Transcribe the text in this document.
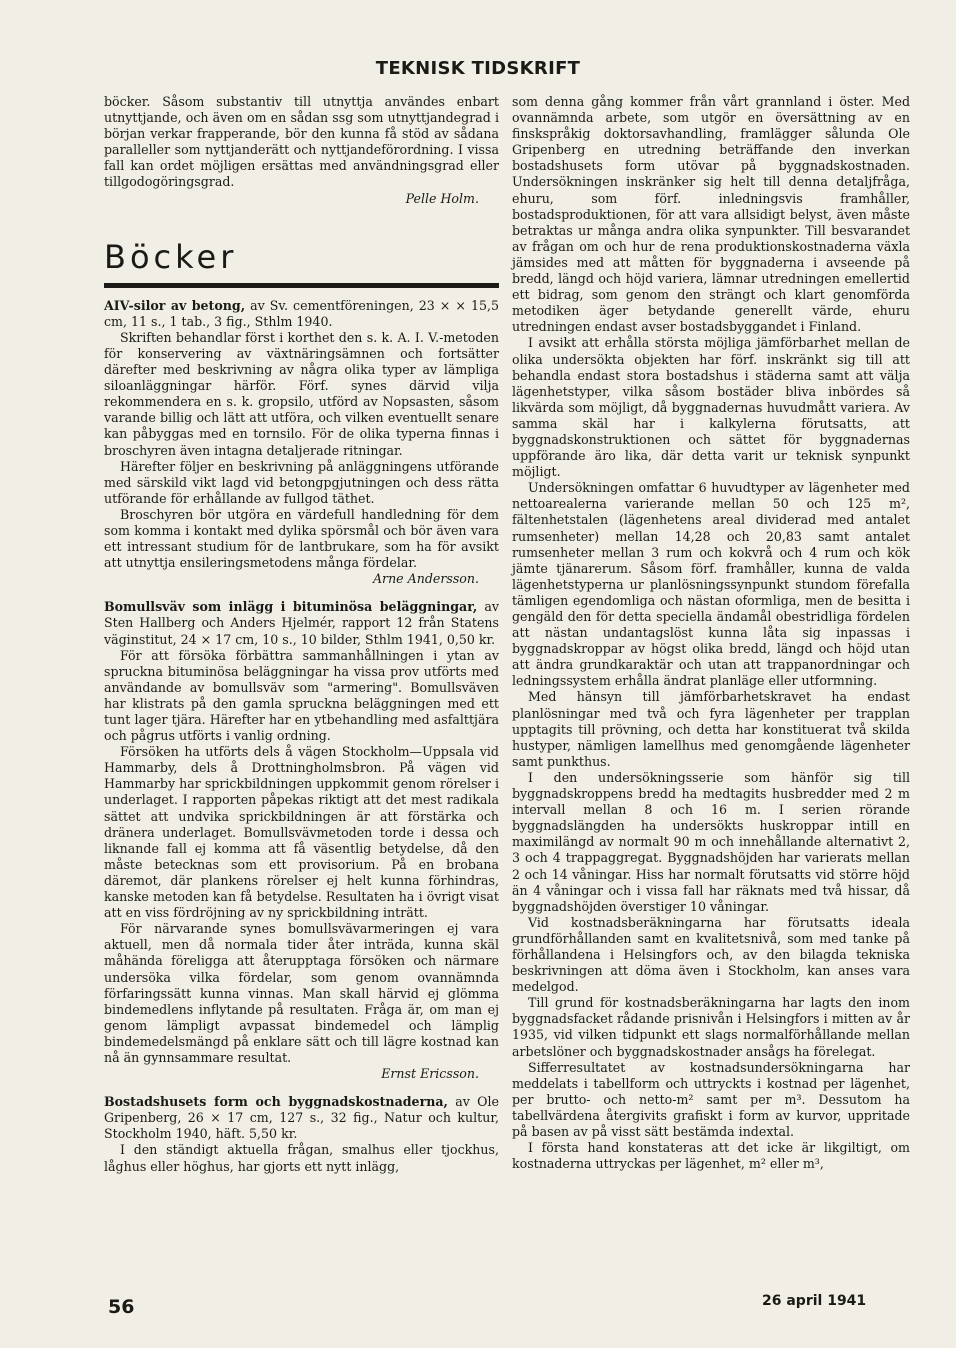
TEKNISK TIDSKRIFT

böcker. Såsom substantiv till utnyttja användes enbart utnyttjande, och även om en sådan ssg som utnyttjandegrad i början verkar frapperande, bör den kunna få stöd av sådana paralleller som nyttjanderätt och nyttjandeförordning. I vissa fall kan ordet möjligen ersättas med användningsgrad eller tillgodogöringsgrad.

Pelle Holm.

Böcker

AIV-silor av betong, av Sv. cementföreningen, 23 × × 15,5 cm, 11 s., 1 tab., 3 fig., Sthlm 1940.

Skriften behandlar först i korthet den s. k. A. I. V.-metoden för konservering av växtnäringsämnen och fortsätter därefter med beskrivning av några olika typer av lämpliga siloanläggningar härför. Förf. synes därvid vilja rekommendera en s. k. gropsilo, utförd av Nopsasten, såsom varande billig och lätt att utföra, och vilken eventuellt senare kan påbyggas med en tornsilo. För de olika typerna finnas i broschyren även intagna detaljerade ritningar.

Härefter följer en beskrivning på anläggningens utförande med särskild vikt lagd vid betongpgjutningen och dess rätta utförande för erhållande av fullgod täthet.

Broschyren bör utgöra en värdefull handledning för dem som komma i kontakt med dylika spörsmål och bör även vara ett intressant studium för de lantbrukare, som ha för avsikt att utnyttja ensileringsmetodens många fördelar.

Arne Andersson.

Bomullsväv som inlägg i bituminösa beläggningar, av Sten Hallberg och Anders Hjelmér, rapport 12 från Statens väginstitut, 24 × 17 cm, 10 s., 10 bilder, Sthlm 1941, 0,50 kr.

För att försöka förbättra sammanhållningen i ytan av spruckna bituminösa beläggningar ha vissa prov utförts med användande av bomullsväv som "armering". Bomullsväven har klistrats på den gamla spruckna beläggningen med ett tunt lager tjära. Härefter har en ytbehandling med asfalttjära och pågrus utförts i vanlig ordning.

Försöken ha utförts dels å vägen Stockholm—Uppsala vid Hammarby, dels å Drottningholmsbron. På vägen vid Hammarby har sprickbildningen uppkommit genom rörelser i underlaget. I rapporten påpekas riktigt att det mest radikala sättet att undvika sprickbildningen är att förstärka och dränera underlaget. Bomullsvävmetoden torde i dessa och liknande fall ej komma att få väsentlig betydelse, då den måste betecknas som ett provisorium. På en brobana däremot, där plankens rörelser ej helt kunna förhindras, kanske metoden kan få betydelse. Resultaten ha i övrigt visat att en viss fördröjning av ny sprickbildning inträtt.

För närvarande synes bomullsvävarmeringen ej vara aktuell, men då normala tider åter inträda, kunna skäl måhända föreligga att återupptaga försöken och närmare undersöka vilka fördelar, som genom ovannämnda förfaringssätt kunna vinnas. Man skall härvid ej glömma bindemedlens inflytande på resultaten. Fråga är, om man ej genom lämpligt avpassat bindemedel och lämplig bindemedelsmängd på enklare sätt och till lägre kostnad kan nå än gynnsammare resultat.

Ernst Ericsson.

Bostadshusets form och byggnadskostnaderna, av Ole Gripenberg, 26 × 17 cm, 127 s., 32 fig., Natur och kultur, Stockholm 1940, häft. 5,50 kr.

I den ständigt aktuella frågan, smalhus eller tjockhus, låghus eller höghus, har gjorts ett nytt inlägg,

som denna gång kommer från vårt grannland i öster. Med ovannämnda arbete, som utgör en översättning av en finskspråkig doktorsavhandling, framlägger sålunda Ole Gripenberg en utredning beträffande den inverkan bostadshusets form utövar på byggnadskostnaden. Undersökningen inskränker sig helt till denna detaljfråga, ehuru, som förf. inledningsvis framhåller, bostadsproduktionen, för att vara allsidigt belyst, även måste betraktas ur många andra olika synpunkter. Till besvarandet av frågan om och hur de rena produktionskostnaderna växla jämsides med att måtten för byggnaderna i avseende på bredd, längd och höjd variera, lämnar utredningen emellertid ett bidrag, som genom den strängt och klart genomförda metodiken äger betydande generellt värde, ehuru utredningen endast avser bostadsbyggandet i Finland.

I avsikt att erhålla största möjliga jämförbarhet mellan de olika undersökta objekten har förf. inskränkt sig till att behandla endast stora bostadshus i städerna samt att välja lägenhetstyper, vilka såsom bostäder bliva inbördes så likvärda som möjligt, då byggnadernas huvudmått variera. Av samma skäl har i kalkylerna förutsatts, att byggnadskonstruktionen och sättet för byggnadernas uppförande äro lika, där detta varit ur teknisk synpunkt möjligt.

Undersökningen omfattar 6 huvudtyper av lägenheter med nettoarealerna varierande mellan 50 och 125 m², fältenhetstalen (lägenhetens areal dividerad med antalet rumsenheter) mellan 14,28 och 20,83 samt antalet rumsenheter mellan 3 rum och kokvrå och 4 rum och kök jämte tjänarerum. Såsom förf. framhåller, kunna de valda lägenhetstyperna ur planlösningssynpunkt stundom förefalla tämligen egendomliga och nästan oformliga, men de besitta i gengäld den för detta speciella ändamål obestridliga fördelen att nästan undantagslöst kunna låta sig inpassas i byggnadskroppar av högst olika bredd, längd och höjd utan att ändra grundkaraktär och utan att trappanordningar och ledningssystem erhålla ändrat planläge eller utformning.

Med hänsyn till jämförbarhetskravet ha endast planlösningar med två och fyra lägenheter per trapplan upptagits till prövning, och detta har konstituerat två skilda hustyper, nämligen lamellhus med genomgående lägenheter samt punkthus.

I den undersökningsserie som hänför sig till byggnadskroppens bredd ha medtagits husbredder med 2 m intervall mellan 8 och 16 m. I serien rörande byggnadslängden ha undersökts huskroppar intill en maximilängd av normalt 90 m och innehållande alternativt 2, 3 och 4 trappaggregat. Byggnadshöjden har varierats mellan 2 och 14 våningar. Hiss har normalt förutsatts vid större höjd än 4 våningar och i vissa fall har räknats med två hissar, då byggnadshöjden överstiger 10 våningar.

Vid kostnadsberäkningarna har förutsatts ideala grundförhållanden samt en kvalitetsnivå, som med tanke på förhållandena i Helsingfors och, av den bilagda tekniska beskrivningen att döma även i Stockholm, kan anses vara medelgod.

Till grund för kostnadsberäkningarna har lagts den inom byggnadsfacket rådande prisnivån i Helsingfors i mitten av år 1935, vid vilken tidpunkt ett slags normalförhållande mellan arbetslöner och byggnadskostnader ansågs ha förelegat.

Sifferresultatet av kostnadsundersökningarna har meddelats i tabellform och uttryckts i kostnad per lägenhet, per brutto- och netto-m² samt per m³. Dessutom ha tabellvärdena återgivits grafiskt i form av kurvor, uppritade på basen av på visst sätt bestämda indextal.

I första hand konstateras att det icke är likgiltigt, om kostnaderna uttryckas per lägenhet, m² eller m³,

56	26 april 1941
